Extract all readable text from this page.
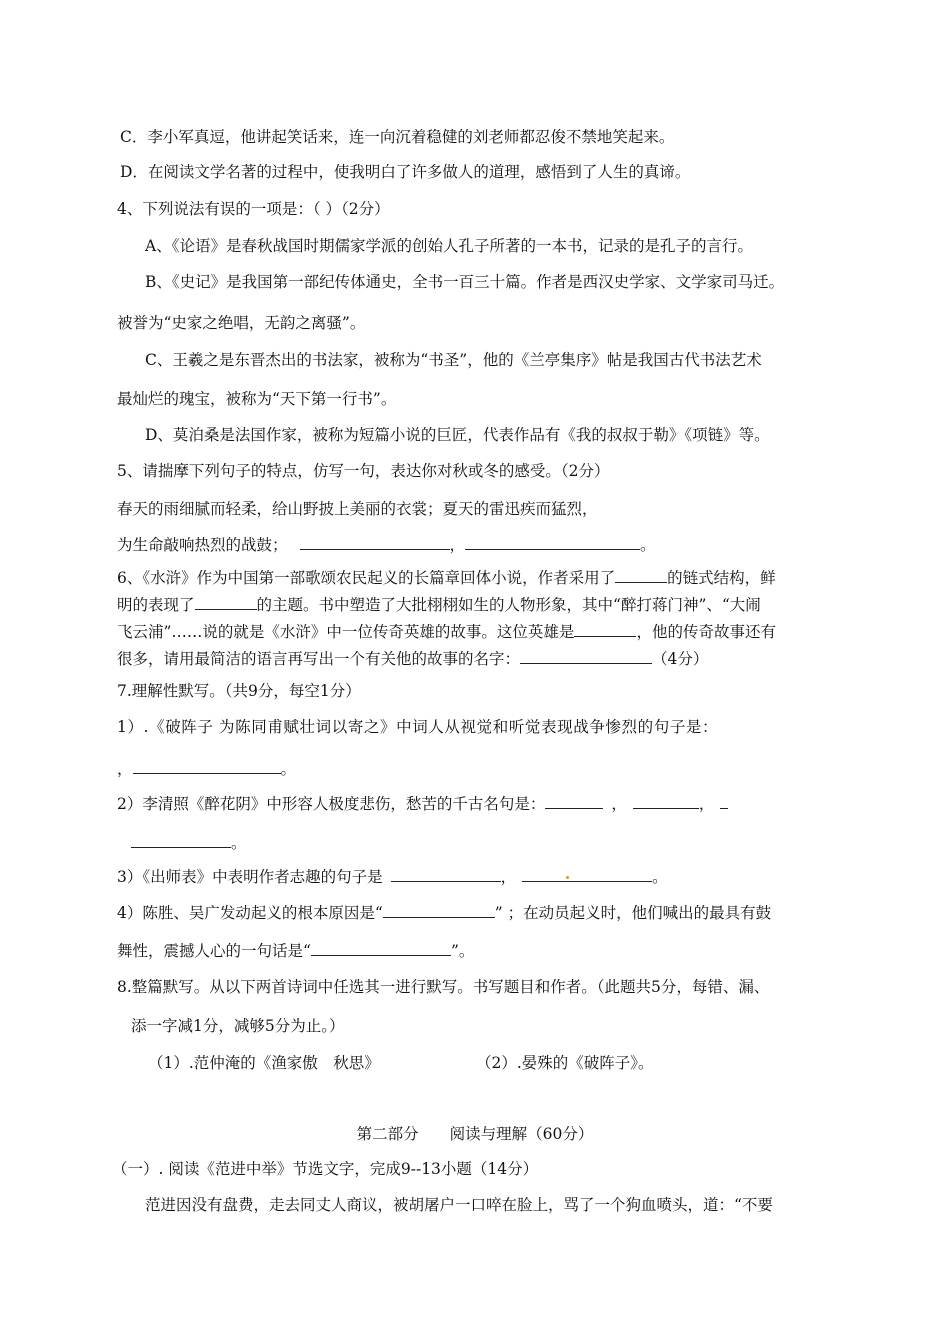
C．李小军真逗，他讲起笑话来，连一向沉着稳健的刘老师都忍俊不禁地笑起来。
D．在阅读文学名著的过程中，使我明白了许多做人的道理，感悟到了人生的真谛。
4、下列说法有误的一项是：（ ）（2分）
A、《论语》是春秋战国时期儒家学派的创始人孔子所著的一本书，记录的是孔子的言行。
B、《史记》是我国第一部纪传体通史，全书一百三十篇。作者是西汉史学家、文学家司马迁。
被誉为“史家之绝唱，无韵之离骚”。
C、王羲之是东晋杰出的书法家，被称为“书圣”，他的《兰亭集序》帖是我国古代书法艺术
最灿烂的瑰宝，被称为“天下第一行书”。
D、莫泊桑是法国作家，被称为短篇小说的巨匠，代表作品有《我的叔叔于勒》《项链》等。
5、请揣摩下列句子的特点，仿写一句，表达你对秋或冬的感受。（2分）
春天的雨细腻而轻柔，给山野披上美丽的衣裳；夏天的雷迅疾而猛烈，
为生命敲响热烈的战鼓；	，	。
6、《水浒》作为中国第一部歌颂农民起义的长篇章回体小说，作者采用了	的链式结构，鲜
明的表现了	的主题。书中塑造了大批栩栩如生的人物形象，其中“醉打蒋门神”、“大闹
飞云浦”……说的就是《水浒》中一位传奇英雄的故事。这位英雄是	，他的传奇故事还有
很多，请用最简洁的语言再写出一个有关他的故事的名字：	（4分）
7.理解性默写。（共9分，每空1分）
1）.《破阵子 为陈同甫赋壮词以寄之》中词人从视觉和听觉表现战争惨烈的句子是：
，	。
2）李清照《醉花阴》中形容人极度悲伤，愁苦的千古名句是：	，	，
。
3）《出师表》中表明作者志趣的句子是	，	。
4）陈胜、吴广发动起义的根本原因是“	” ；在动员起义时，他们喊出的最具有鼓
舞性，震撼人心的一句话是“	”。
8.整篇默写。从以下两首诗词中任选其一进行默写。书写题目和作者。（此题共5分，每错、漏、
添一字减1分，减够5分为止。）
（1）.范仲淹的《渔家傲　秋思》	（2）.晏殊的《破阵子》。
第二部分　　阅读与理解（60分）
（一）. 阅读《范进中举》节选文字，完成9--13小题（14分）
范进因没有盘费，走去同丈人商议，被胡屠户一口啐在脸上，骂了一个狗血喷头，道：“不要
